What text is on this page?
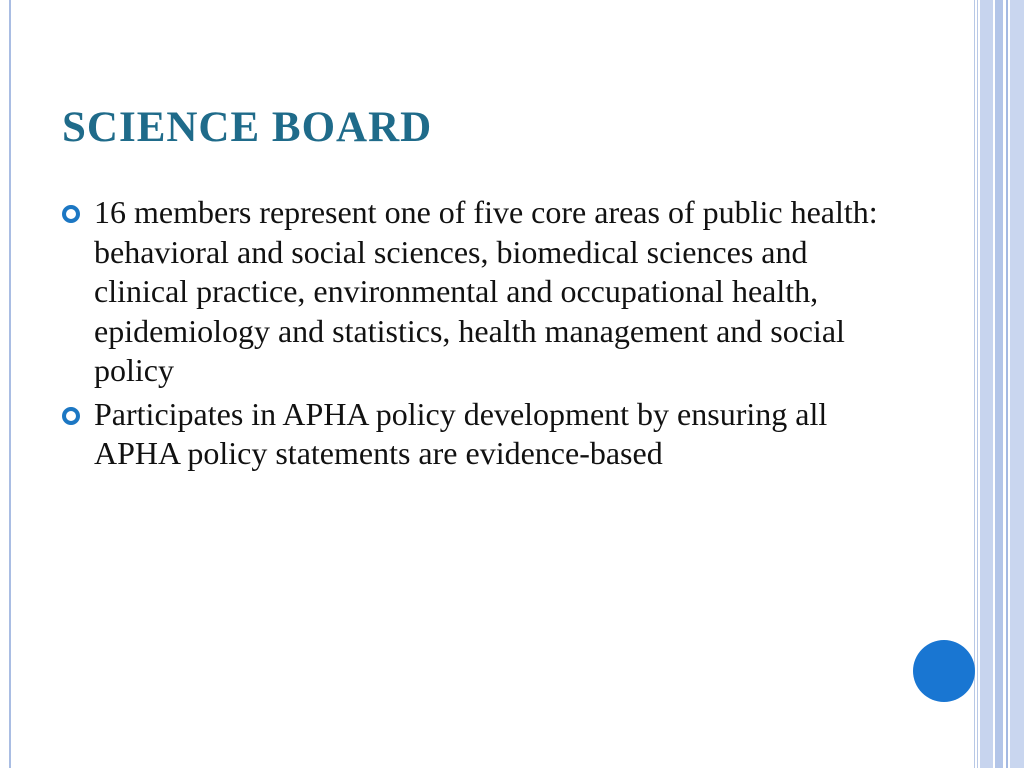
SCIENCE BOARD
16 members represent one of five core areas of public health: behavioral and social sciences, biomedical sciences and clinical practice, environmental and occupational health, epidemiology and statistics, health management and social policy
Participates in APHA policy development by ensuring all APHA policy statements are evidence-based
